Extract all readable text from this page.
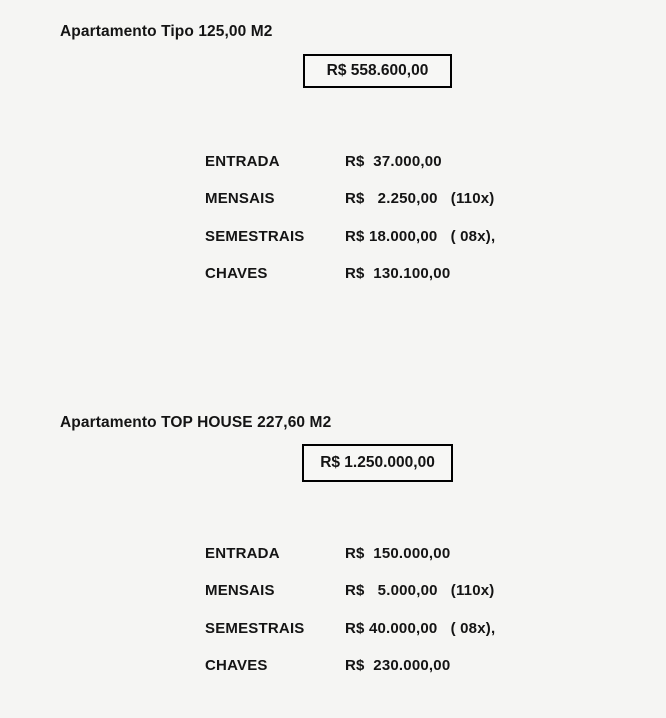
Apartamento Tipo 125,00 M2
R$ 558.600,00
ENTRADA	R$  37.000,00
MENSAIS	R$   2.250,00   (110x)
SEMESTRAIS	R$ 18.000,00   ( 08x),
CHAVES	R$  130.100,00
Apartamento TOP HOUSE 227,60 M2
R$ 1.250.000,00
ENTRADA	R$  150.000,00
MENSAIS	R$   5.000,00   (110x)
SEMESTRAIS	R$ 40.000,00   ( 08x),
CHAVES	R$  230.000,00
